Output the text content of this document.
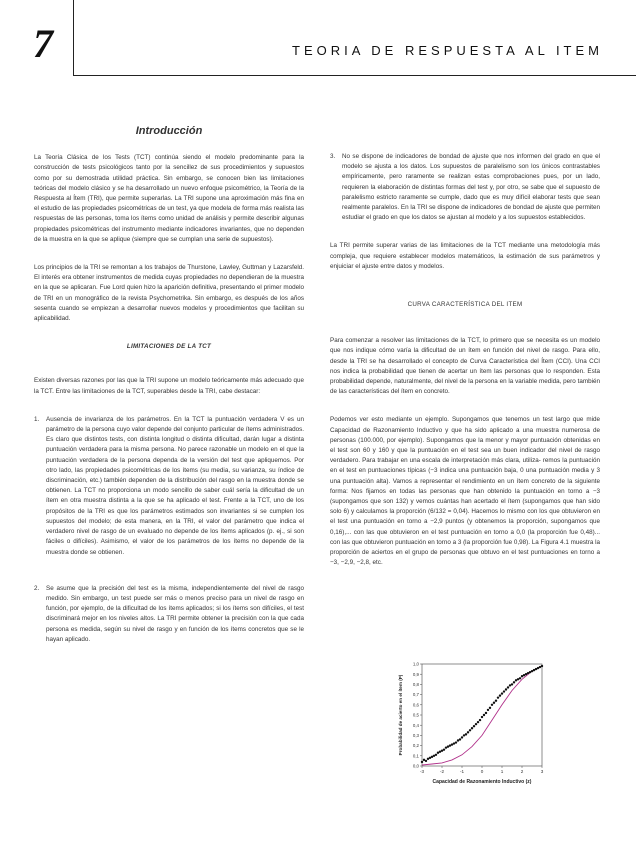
7	TEORIA DE RESPUESTA AL ITEM
Introducción

La Teoría Clásica de los Tests (TCT) continúa siendo el modelo predominante para la construcción de tests psicológicos tanto por la sencillez de sus procedimientos y supuestos como por su demostrada utilidad práctica. Sin embargo, se conocen bien las limitaciones teóricas del modelo clásico y se ha desarrollado un nuevo enfoque psicométrico, la Teoría de la Respuesta al Ítem (TRI), que permite superarlas. La TRI supone una aproximación más fina en el estudio de las propiedades psicométricas de un test, ya que modela de forma más realista las respuestas de las personas, toma los ítems como unidad de análisis y permite describir algunas propiedades psicométricas del instrumento mediante indicadores invariantes, que no dependen de la muestra en la que se aplique (siempre que se cumplan una serie de supuestos).

Los principios de la TRI se remontan a los trabajos de Thurstone, Lawley, Guttman y Lazarsfeld. El interés era obtener instrumentos de medida cuyas propiedades no dependieran de la muestra en la que se aplicaran. Fue Lord quien hizo la aparición definitiva, presentando el primer modelo de TRI en un monográfico de la revista Psychometrika. Sin embargo, es después de los años sesenta cuando se empiezan a desarrollar nuevos modelos y procedimientos que facilitan su aplicabilidad.

LIMITACIONES DE LA TCT

Existen diversas razones por las que la TRI supone un modelo teóricamente más adecuado que la TCT. Entre las limitaciones de la TCT, superables desde la TRI, cabe destacar:

1.	Ausencia de invarianza de los parámetros. En la TCT la puntuación verdadera V es un parámetro de la persona cuyo valor depende del conjunto particular de ítems administrados. Es claro que distintos tests, con distinta longitud o distinta dificultad, darán lugar a distinta puntuación verdadera para la misma persona. No parece razonable un modelo en el que la puntuación verdadera de la persona dependa de la versión del test que apliquemos. Por otro lado, las propiedades psicométricas de los ítems (su media, su varianza, su índice de discriminación, etc.) también dependen de la distribución del rasgo en la muestra donde se obtienen. La TCT no proporciona un modo sencillo de saber cuál sería la dificultad de un ítem en otra muestra distinta a la que se ha aplicado el test. Frente a la TCT, uno de los propósitos de la TRI es que los parámetros estimados son invariantes si se cumplen los supuestos del modelo; de esta manera, en la TRI, el valor del parámetro que indica el verdadero nivel de rasgo de un evaluado no depende de los ítems aplicados (p. ej., si son fáciles o difíciles). Asimismo, el valor de los parámetros de los ítems no depende de la muestra donde se obtienen.
2.	Se asume que la precisión del test es la misma, independientemente del nivel de rasgo medido. Sin embargo, un test puede ser más o menos preciso para un nivel de rasgo en función, por ejemplo, de la dificultad de los ítems aplicados; si los ítems son difíciles, el test discriminará mejor en los niveles altos. La TRI permite obtener la precisión con la que cada persona es medida, según su nivel de rasgo y en función de los ítems concretos que se le hayan aplicado.
3.	No se dispone de indicadores de bondad de ajuste que nos informen del grado en que el modelo se ajusta a los datos. Los supuestos de paralelismo son los únicos contrastables empíricamente, pero raramente se realizan estas comprobaciones pues, por un lado, requieren la elaboración de distintas formas del test y, por otro, se sabe que el supuesto de paralelismo estricto raramente se cumple, dado que es muy difícil elaborar tests que sean realmente paralelos. En la TRI se dispone de indicadores de bondad de ajuste que permiten estudiar el grado en que los datos se ajustan al modelo y a los supuestos establecidos.

La TRI permite superar varias de las limitaciones de la TCT mediante una metodología más compleja, que requiere establecer modelos matemáticos, la estimación de sus parámetros y enjuiciar el ajuste entre datos y modelos.

CURVA CARACTERÍSTICA DEL ITEM

Para comenzar a resolver las limitaciones de la TCT, lo primero que se necesita es un modelo que nos indique cómo varía la dificultad de un ítem en función del nivel de rasgo. Para ello, desde la TRI se ha desarrollado el concepto de Curva Característica del Ítem (CCI). Una CCI nos indica la probabilidad que tienen de acertar un ítem las personas que lo responden. Esta probabilidad depende, naturalmente, del nivel de la persona en la variable medida, pero también de las características del ítem en concreto.

Podemos ver esto mediante un ejemplo. Supongamos que tenemos un test largo que mide Capacidad de Razonamiento Inductivo y que ha sido aplicado a una muestra numerosa de personas (100.000, por ejemplo). Supongamos que la menor y mayor puntuación obtenidas en el test son 60 y 160 y que la puntuación en el test sea un buen indicador del nivel de rasgo verdadero. Para trabajar en una escala de interpretación más clara, utiliza- remos la puntuación en el test en puntuaciones típicas (−3 indica una puntuación baja, 0 una puntuación media y 3 una puntuación alta). Vamos a representar el rendimiento en un ítem concreto de la siguiente forma: Nos fijamos en todas las personas que han obtenido la puntuación en torno a −3 (supongamos que son 132) y vemos cuántas han acertado el ítem (supongamos que han sido solo 6) y calculamos la proporción (6/132 = 0,04). Hacemos lo mismo con los que obtuvieron en el test una puntuación en torno a −2,9 puntos (y obtenemos la proporción, supongamos que 0,16),... con las que obtuvieron en el test puntuación en torno a 0,0 (la proporción fue 0,48)... con las que obtuvieron puntuación en torno a 3 (la proporción fue 0,98). La Figura 4.1 muestra la proporción de aciertos en el grupo de personas que obtuvo en el test puntuaciones en torno a −3, −2,9, −2,8, etc.

0,0
0,1
0,2
0,3
0,4
0,5
0,6
0,7
0,8
0,9
1,0
-3	-2	-1	0	1	2	3
Capacidad de Razonamiento Inductivo (z)
Probabilidad de acierto en el ítem (P)
